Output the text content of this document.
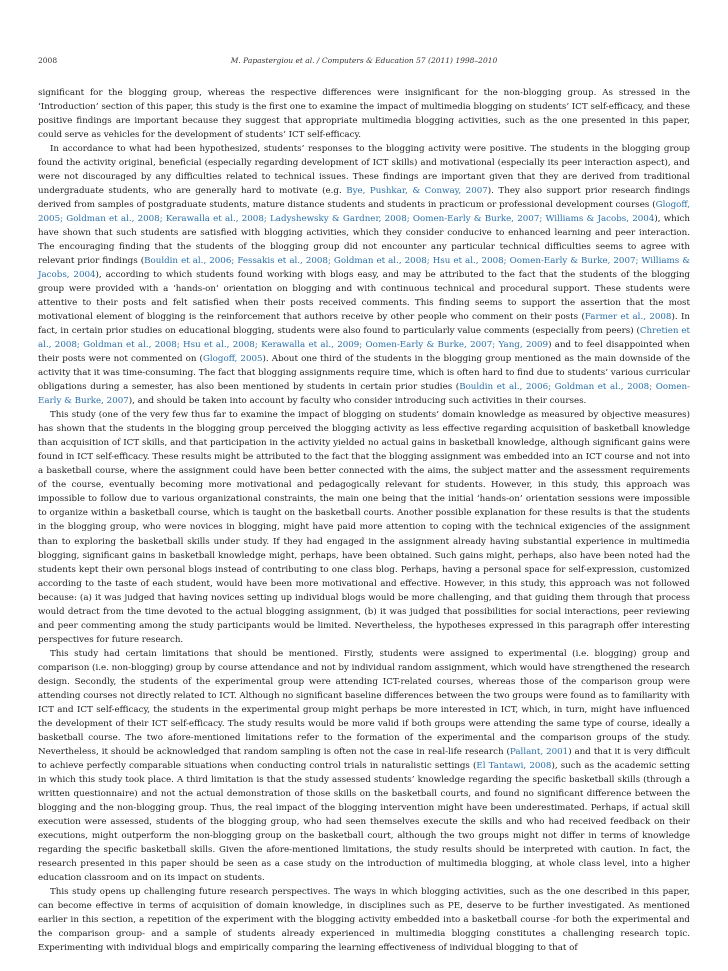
2008	M. Papastergiou et al. / Computers & Education 57 (2011) 1998–2010

significant for the blogging group, whereas the respective differences were insignificant for the non-blogging group. As stressed in the ‘Introduction’ section of this paper, this study is the first one to examine the impact of multimedia blogging on students’ ICT self-efficacy, and these positive findings are important because they suggest that appropriate multimedia blogging activities, such as the one presented in this paper, could serve as vehicles for the development of students’ ICT self-efficacy.

In accordance to what had been hypothesized, students’ responses to the blogging activity were positive. The students in the blogging group found the activity original, beneficial (especially regarding development of ICT skills) and motivational (especially its peer interaction aspect), and were not discouraged by any difficulties related to technical issues. These findings are important given that they are derived from traditional undergraduate students, who are generally hard to motivate (e.g. Bye, Pushkar, & Conway, 2007). They also support prior research findings derived from samples of postgraduate students, mature distance students and students in practicum or professional development courses (Glogoff, 2005; Goldman et al., 2008; Kerawalla et al., 2008; Ladyshewsky & Gardner, 2008; Oomen-Early & Burke, 2007; Williams & Jacobs, 2004), which have shown that such students are satisfied with blogging activities, which they consider conducive to enhanced learning and peer interaction. The encouraging finding that the students of the blogging group did not encounter any particular technical difficulties seems to agree with relevant prior findings (Bouldin et al., 2006; Fessakis et al., 2008; Goldman et al., 2008; Hsu et al., 2008; Oomen-Early & Burke, 2007; Williams & Jacobs, 2004), according to which students found working with blogs easy, and may be attributed to the fact that the students of the blogging group were provided with a ‘hands-on’ orientation on blogging and with continuous technical and procedural support. These students were attentive to their posts and felt satisfied when their posts received comments. This finding seems to support the assertion that the most motivational element of blogging is the reinforcement that authors receive by other people who comment on their posts (Farmer et al., 2008). In fact, in certain prior studies on educational blogging, students were also found to particularly value comments (especially from peers) (Chretien et al., 2008; Goldman et al., 2008; Hsu et al., 2008; Kerawalla et al., 2009; Oomen-Early & Burke, 2007; Yang, 2009) and to feel disappointed when their posts were not commented on (Glogoff, 2005). About one third of the students in the blogging group mentioned as the main downside of the activity that it was time-consuming. The fact that blogging assignments require time, which is often hard to find due to students’ various curricular obligations during a semester, has also been mentioned by students in certain prior studies (Bouldin et al., 2006; Goldman et al., 2008; Oomen-Early & Burke, 2007), and should be taken into account by faculty who consider introducing such activities in their courses.

This study (one of the very few thus far to examine the impact of blogging on students’ domain knowledge as measured by objective measures) has shown that the students in the blogging group perceived the blogging activity as less effective regarding acquisition of basketball knowledge than acquisition of ICT skills, and that participation in the activity yielded no actual gains in basketball knowledge, although significant gains were found in ICT self-efficacy. These results might be attributed to the fact that the blogging assignment was embedded into an ICT course and not into a basketball course, where the assignment could have been better connected with the aims, the subject matter and the assessment requirements of the course, eventually becoming more motivational and pedagogically relevant for students. However, in this study, this approach was impossible to follow due to various organizational constraints, the main one being that the initial ‘hands-on’ orientation sessions were impossible to organize within a basketball course, which is taught on the basketball courts. Another possible explanation for these results is that the students in the blogging group, who were novices in blogging, might have paid more attention to coping with the technical exigencies of the assignment than to exploring the basketball skills under study. If they had engaged in the assignment already having substantial experience in multimedia blogging, significant gains in basketball knowledge might, perhaps, have been obtained. Such gains might, perhaps, also have been noted had the students kept their own personal blogs instead of contributing to one class blog. Perhaps, having a personal space for self-expression, customized according to the taste of each student, would have been more motivational and effective. However, in this study, this approach was not followed because: (a) it was judged that having novices setting up individual blogs would be more challenging, and that guiding them through that process would detract from the time devoted to the actual blogging assignment, (b) it was judged that possibilities for social interactions, peer reviewing and peer commenting among the study participants would be limited. Nevertheless, the hypotheses expressed in this paragraph offer interesting perspectives for future research.

This study had certain limitations that should be mentioned. Firstly, students were assigned to experimental (i.e. blogging) group and comparison (i.e. non-blogging) group by course attendance and not by individual random assignment, which would have strengthened the research design. Secondly, the students of the experimental group were attending ICT-related courses, whereas those of the comparison group were attending courses not directly related to ICT. Although no significant baseline differences between the two groups were found as to familiarity with ICT and ICT self-efficacy, the students in the experimental group might perhaps be more interested in ICT, which, in turn, might have influenced the development of their ICT self-efficacy. The study results would be more valid if both groups were attending the same type of course, ideally a basketball course. The two afore-mentioned limitations refer to the formation of the experimental and the comparison groups of the study. Nevertheless, it should be acknowledged that random sampling is often not the case in real-life research (Pallant, 2001) and that it is very difficult to achieve perfectly comparable situations when conducting control trials in naturalistic settings (El Tantawi, 2008), such as the academic setting in which this study took place. A third limitation is that the study assessed students’ knowledge regarding the specific basketball skills (through a written questionnaire) and not the actual demonstration of those skills on the basketball courts, and found no significant difference between the blogging and the non-blogging group. Thus, the real impact of the blogging intervention might have been underestimated. Perhaps, if actual skill execution were assessed, students of the blogging group, who had seen themselves execute the skills and who had received feedback on their executions, might outperform the non-blogging group on the basketball court, although the two groups might not differ in terms of knowledge regarding the specific basketball skills. Given the afore-mentioned limitations, the study results should be interpreted with caution. In fact, the research presented in this paper should be seen as a case study on the introduction of multimedia blogging, at whole class level, into a higher education classroom and on its impact on students.

This study opens up challenging future research perspectives. The ways in which blogging activities, such as the one described in this paper, can become effective in terms of acquisition of domain knowledge, in disciplines such as PE, deserve to be further investigated. As mentioned earlier in this section, a repetition of the experiment with the blogging activity embedded into a basketball course -for both the experimental and the comparison group- and a sample of students already experienced in multimedia blogging constitutes a challenging research topic. Experimenting with individual blogs and empirically comparing the learning effectiveness of individual blogging to that of
